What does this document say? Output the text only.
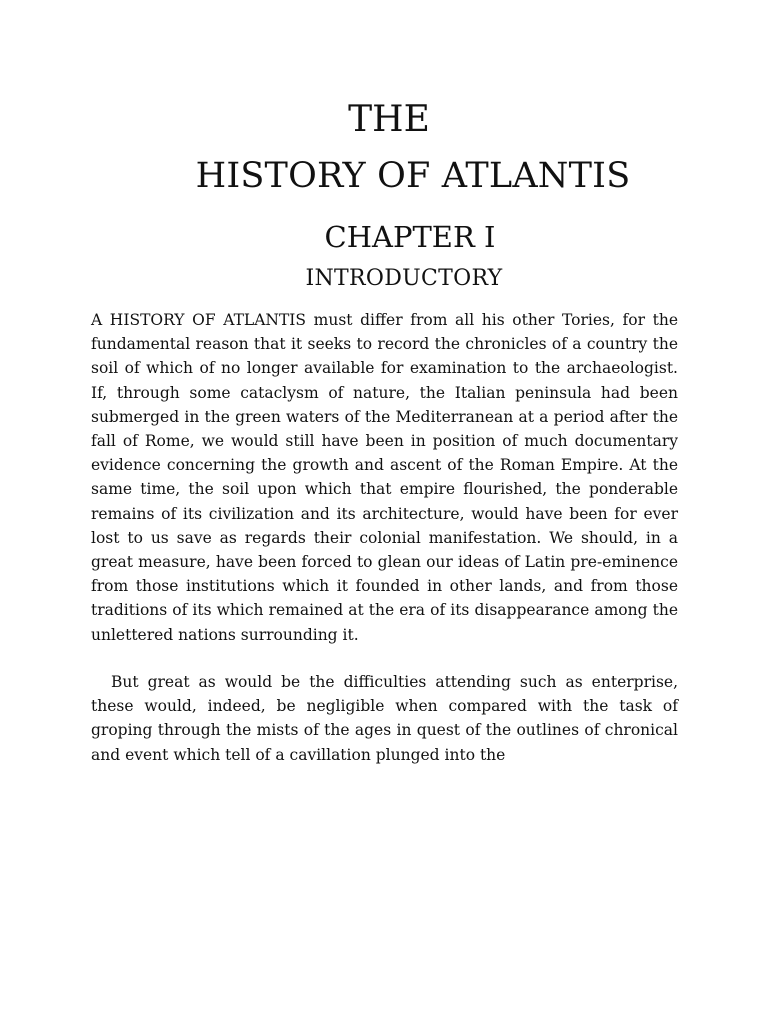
THE
HISTORY OF ATLANTIS
CHAPTER I
INTRODUCTORY

A HISTORY OF ATLANTIS must differ from all his other Tories, for the fundamental reason that it seeks to record the chronicles of a country the soil of which of no longer available for examination to the archaeologist. If, through some cataclysm of nature, the Italian peninsula had been submerged in the green waters of the Mediterranean at a period after the fall of Rome, we would still have been in position of much documentary evidence concerning the growth and ascent of the Roman Empire. At the same time, the soil upon which that empire flourished, the ponderable remains of its civilization and its architecture, would have been for ever lost to us save as regards their colonial manifestation. We should, in a great measure, have been forced to glean our ideas of Latin pre-eminence from those institutions which it founded in other lands, and from those traditions of its which remained at the era of its disappearance among the unlettered nations surrounding it.

But great as would be the difficulties attending such as enterprise, these would, indeed, be negligible when compared with the task of groping through the mists of the ages in quest of the outlines of chronical and event which tell of a cavillation plunged into the
